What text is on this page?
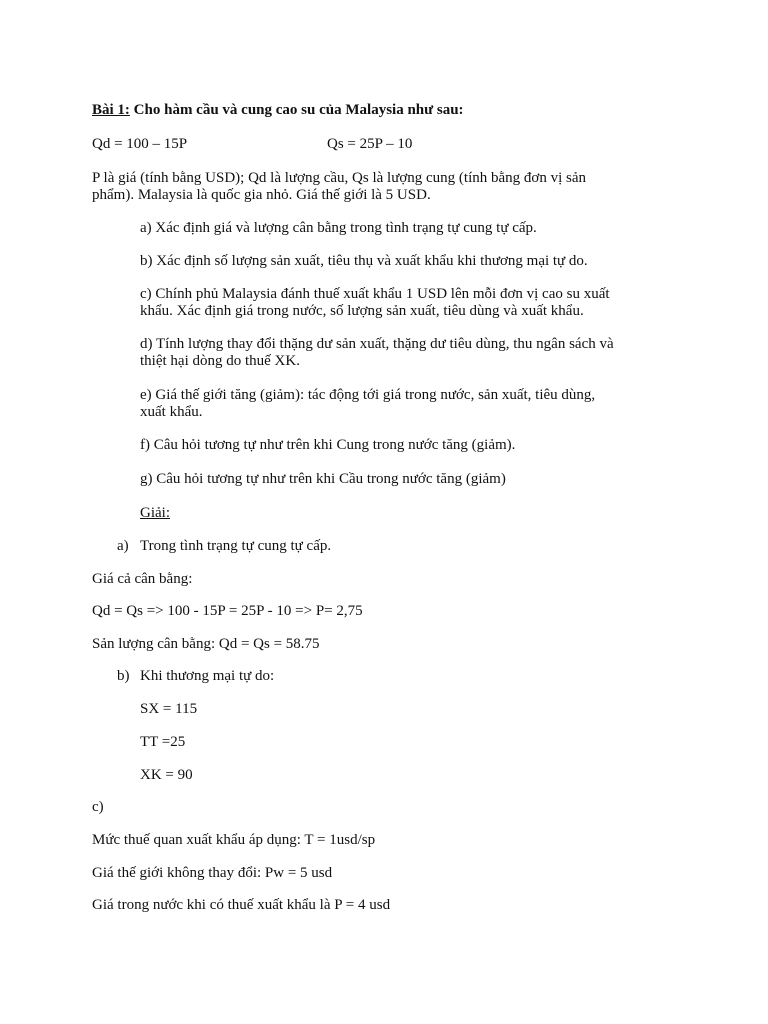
Bài 1: Cho hàm cầu và cung cao su của Malaysia như sau:
Qd = 100 – 15P	Qs = 25P – 10
P là giá (tính bằng USD); Qd là lượng cầu, Qs là lượng cung (tính bằng đơn vị sản
phẩm). Malaysia là quốc gia nhỏ. Giá thế giới là 5 USD.
a) Xác định giá và lượng cân bằng trong tình trạng tự cung tự cấp.
b) Xác định số lượng sản xuất, tiêu thụ và xuất khẩu khi thương mại tự do.
c) Chính phủ Malaysia đánh thuế xuất khẩu 1 USD lên mỗi đơn vị cao su xuất
khẩu. Xác định giá trong nước, số lượng sản xuất, tiêu dùng và xuất khẩu.
d) Tính lượng thay đổi thặng dư sản xuất, thặng dư tiêu dùng, thu ngân sách và
thiệt hại dòng do thuế XK.
e) Giá thế giới tăng (giảm): tác động tới giá trong nước, sản xuất, tiêu dùng,
xuất khẩu.
f) Câu hỏi tương tự như trên khi Cung trong nước tăng (giảm).
g) Câu hỏi tương tự như trên khi Cầu trong nước tăng (giảm)
Giải:
a) Trong tình trạng tự cung tự cấp.
Giá cả cân bằng:
Qd = Qs => 100 - 15P = 25P - 10 => P= 2,75
Sản lượng cân bằng: Qd = Qs = 58.75
b) Khi thương mại tự do:
SX = 115
TT =25
XK = 90
c)
Mức thuế quan xuất khẩu áp dụng: T = 1usd/sp
Giá thế giới không thay đổi: Pw = 5 usd
Giá trong nước khi có thuế xuất khẩu là P = 4 usd
